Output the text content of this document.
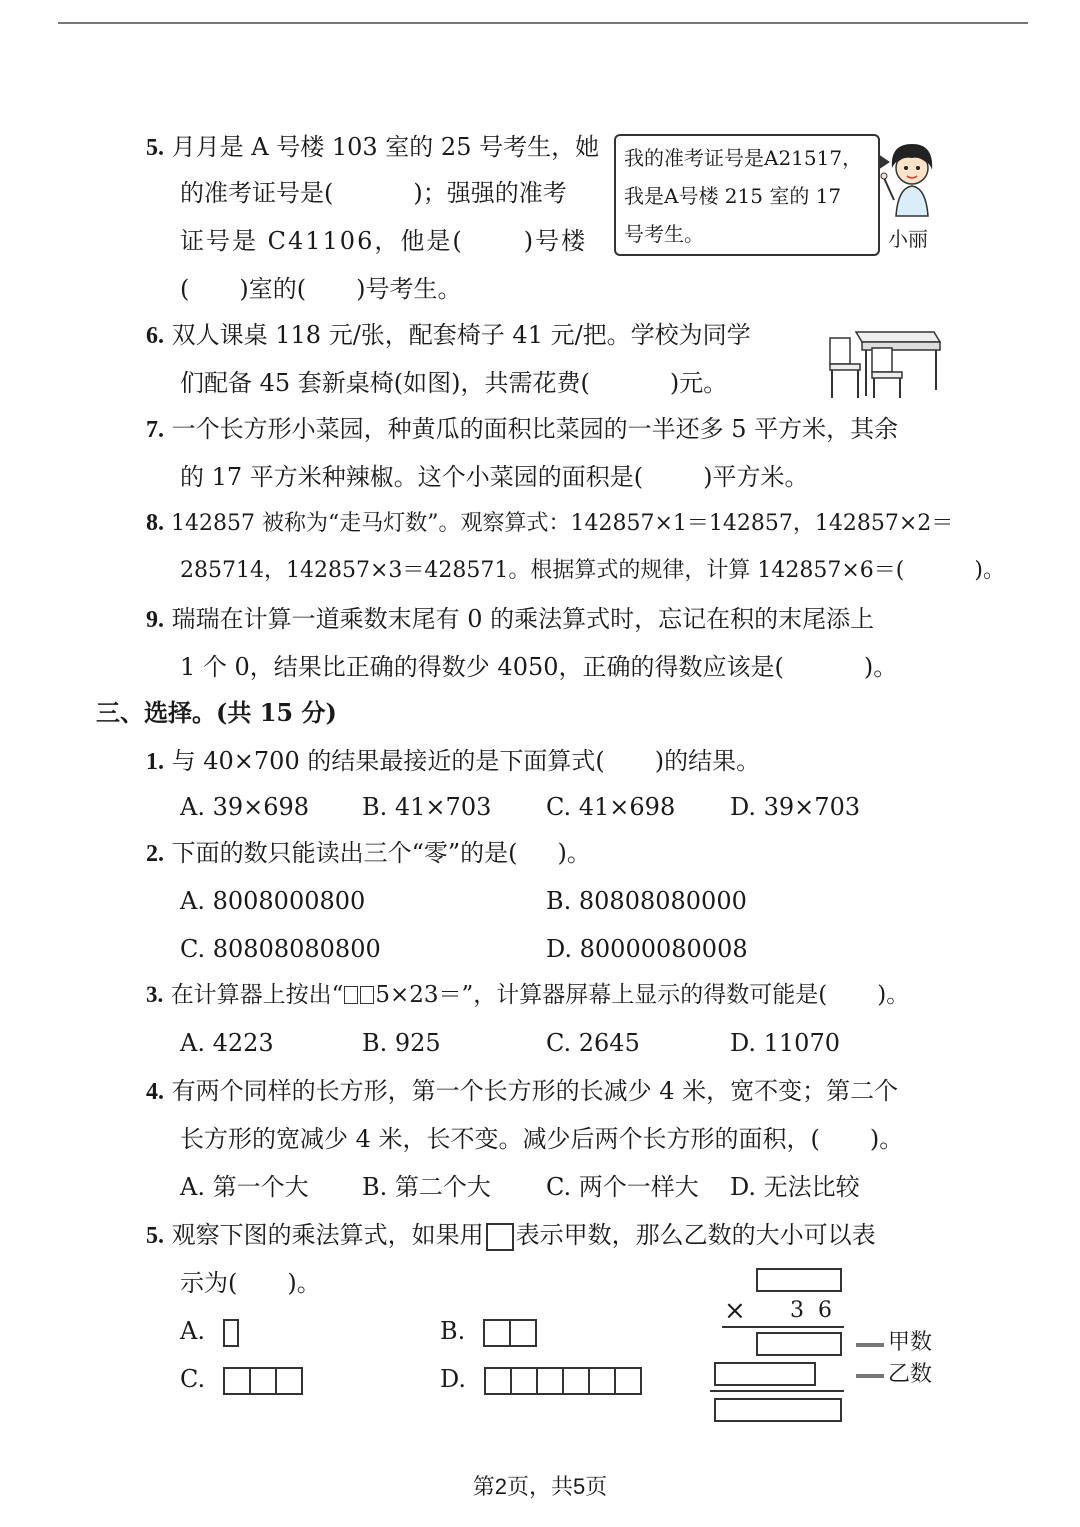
5. 月月是 A 号楼 103 室的 25 号考生，她
的准考证号是(	)；强强的准考
证号是 C41106，他是(	)号楼
( )室的( )号考生。
我的准考证号是A21517，
我是A号楼 215 室的 17
号考生。	小丽
6. 双人课桌 118 元/张，配套椅子 41 元/把。学校为同学
们配备 45 套新桌椅(如图)，共需花费(	)元。
7. 一个长方形小菜园，种黄瓜的面积比菜园的一半还多 5 平方米，其余
的 17 平方米种辣椒。这个小菜园的面积是(	)平方米。
8. 142857 被称为“走马灯数”。观察算式：142857×1＝142857，142857×2＝
285714，142857×3＝428571。根据算式的规律，计算 142857×6＝(	)。
9. 瑞瑞在计算一道乘数末尾有 0 的乘法算式时，忘记在积的末尾添上
1 个 0，结果比正确的得数少 4050，正确的得数应该是(	)。
三、选择。(共 15 分)
1. 与 40×700 的结果最接近的是下面算式( )的结果。
A. 39×698 B. 41×703 C. 41×698 D. 39×703
2. 下面的数只能读出三个“零”的是( )。
A. 8008000800	B. 80808080000
C. 80808080800	D. 80000080008
3. 在计算器上按出“ 5×23＝”，计算器屏幕上显示的得数可能是( )。
A. 4223	B. 925	C. 2645	D. 11070
4. 有两个同样的长方形，第一个长方形的长减少 4 米，宽不变；第二个
长方形的宽减少 4 米，长不变。减少后两个长方形的面积，( )。
A. 第一个大 B. 第二个大 C. 两个一样大 D. 无法比较
5. 观察下图的乘法算式，如果用 表示甲数，那么乙数的大小可以表
示为( )。
A.	B.
C.	D.
× 3  6
甲数
乙数
第2页，共5页
